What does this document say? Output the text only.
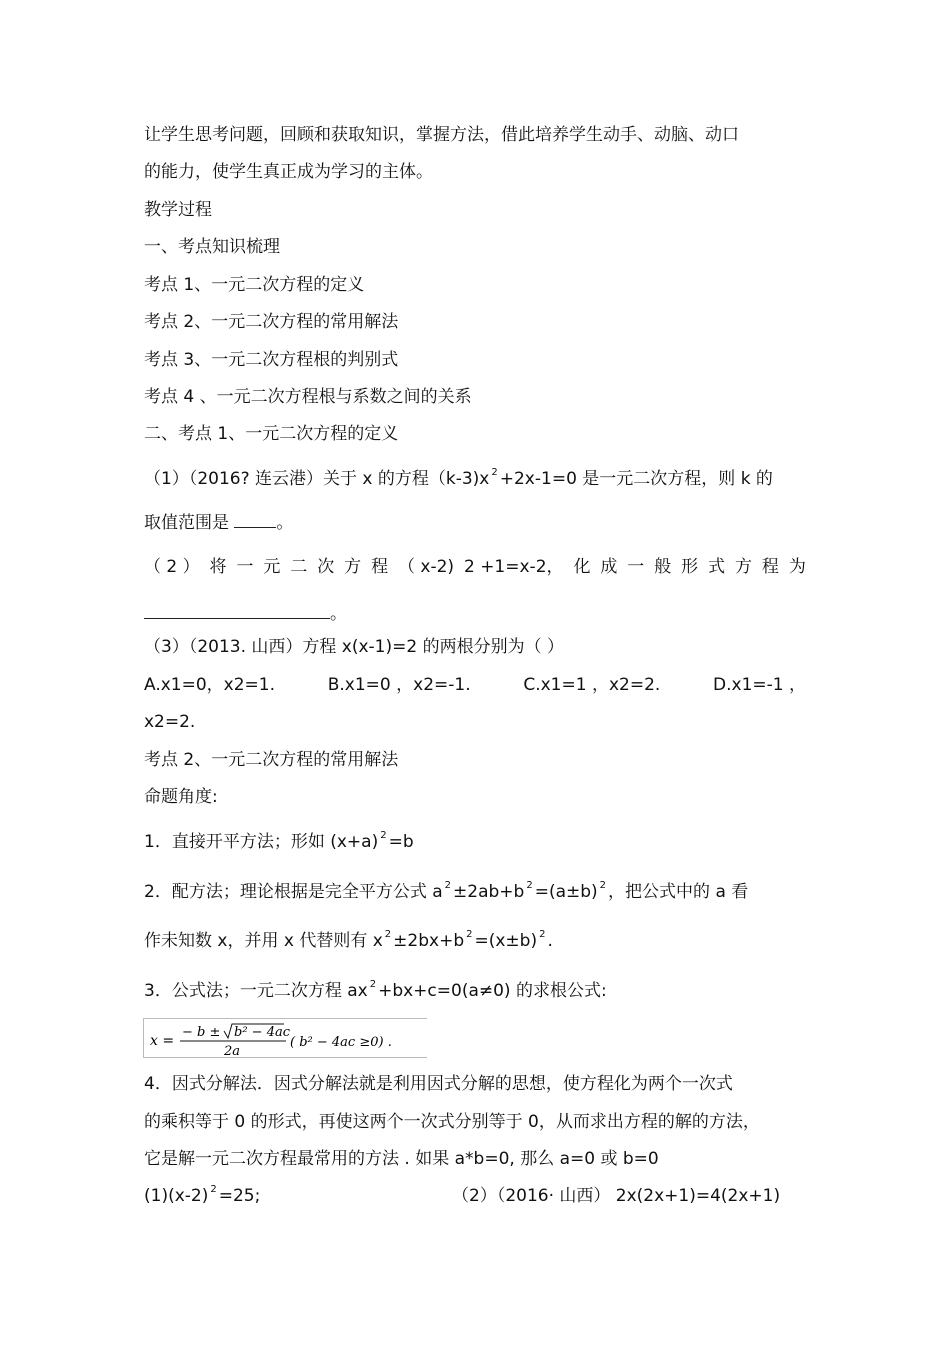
让学生思考问题，回顾和获取知识，掌握方法，借此培养学生动手、动脑、动口
的能力，使学生真正成为学习的主体。
教学过程
一、考点知识梳理
考点 1、一元二次方程的定义
考点 2、一元二次方程的常用解法
考点 3、一元二次方程根的判别式
考点 4 、一元二次方程根与系数之间的关系
二、考点 1、一元二次方程的定义
（1）（2016? 连云港）关于 x 的方程（k-3)x $^2$ +2x-1=0 是一元二次方程，则 k 的
取值范围是	。
（ 2 ） 将 一 元 二 次 方 程 （ x-2) 2 +1=x-2， 化 成 一 般 形 式 方 程 为
。
（3）（2013. 山西）方程 x(x-1)=2 的两根分别为（ ）
A.x1=0，x2=1.	B.x1=0 ，x2=-1.	C.x1=1 ，x2=2.	D.x1=-1 ，
x2=2.
考点 2、一元二次方程的常用解法
命题角度:
1．直接开平方法；形如 (x+a) $^2$ =b
2．配方法；理论根据是完全平方公式 a $^2$ ±2ab+b $^2$ =(a±b) $^2$ ，把公式中的 a 看
作未知数 x，并用 x 代替则有 x $^2$ ±2bx+b $^2$ =(x±b) $^2$ .
3．公式法；一元二次方程 ax $^2$ +bx+c=0(a≠0) 的求根公式:
x =
− b ± b² − 4ac
2a
( b² − 4ac ≥0) .
4．因式分解法．因式分解法就是利用因式分解的思想，使方程化为两个一次式
的乘积等于 0 的形式，再使这两个一次式分别等于 0，从而求出方程的解的方法，
它是解一元二次方程最常用的方法 . 如果 a*b=0, 那么 a=0 或 b=0
(1)(x-2) $^2$ =25;	（2）（2016· 山西） 2x(2x+1)=4(2x+1)
